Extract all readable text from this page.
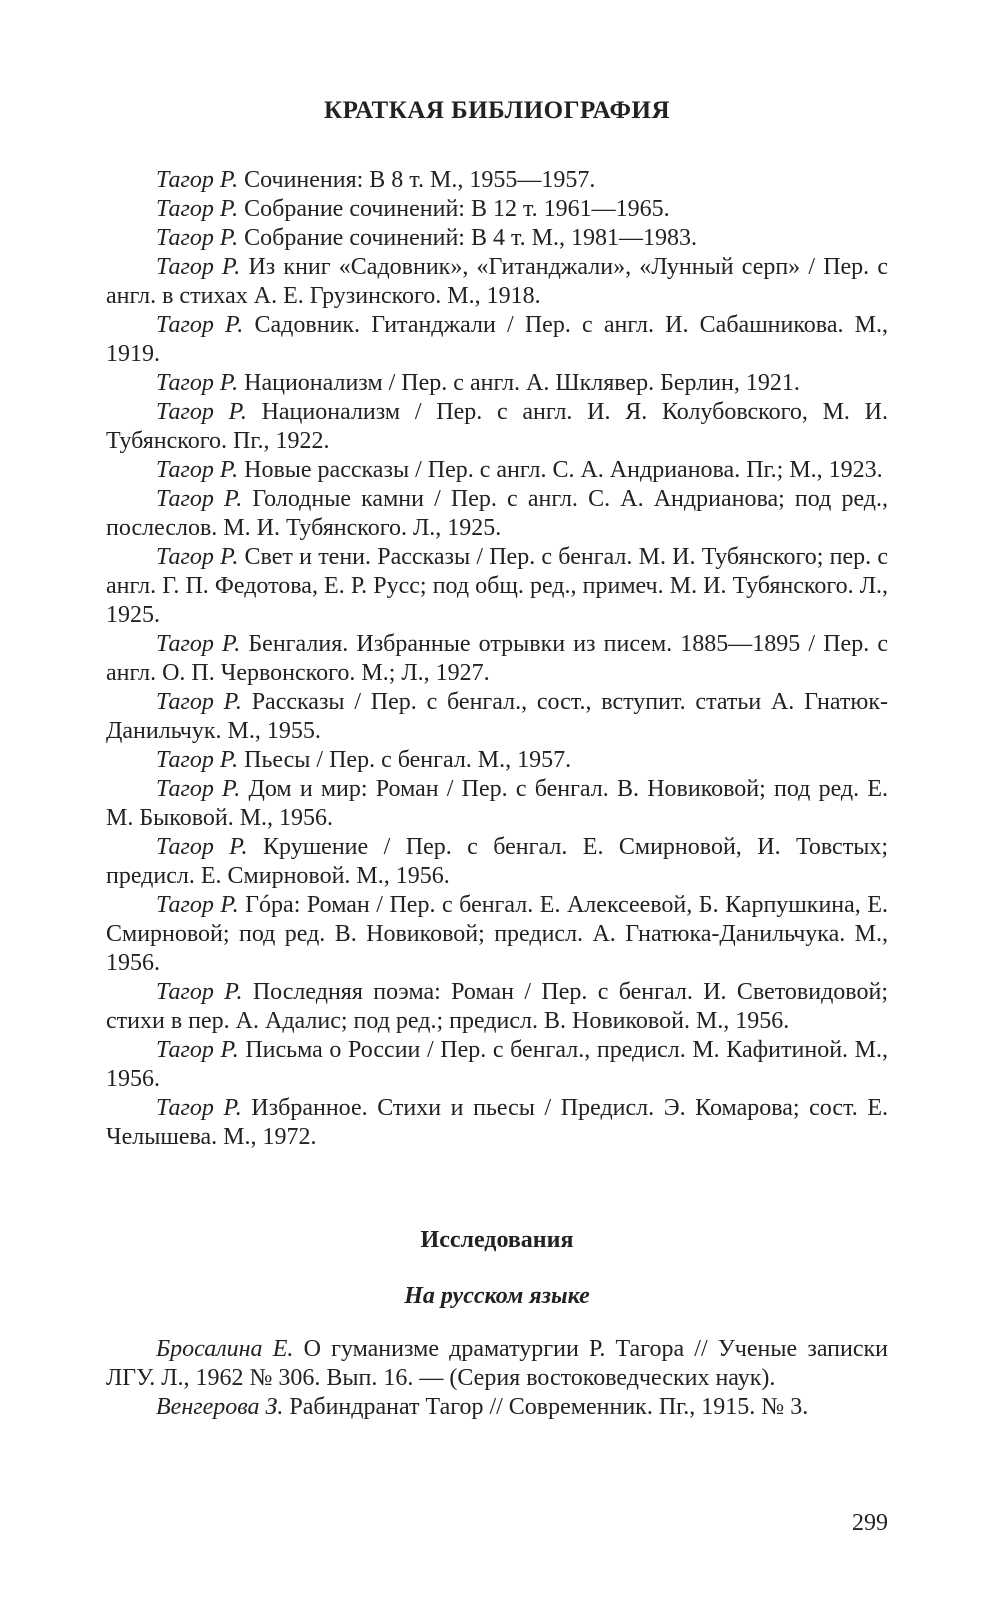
КРАТКАЯ БИБЛИОГРАФИЯ

Тагор Р. Сочинения: В 8 т. М., 1955—1957.

Тагор Р. Собрание сочинений: В 12 т. 1961—1965.

Тагор Р. Собрание сочинений: В 4 т. М., 1981—1983.

Тагор Р. Из книг «Садовник», «Гитанджали», «Лунный серп» / Пер. с англ. в стихах А. Е. Грузинского. М., 1918.

Тагор Р. Садовник. Гитанджали / Пер. с англ. И. Сабашникова. М., 1919.

Тагор Р. Национализм / Пер. с англ. А. Шклявер. Берлин, 1921.

Тагор Р. Национализм / Пер. с англ. И. Я. Колубовского, М. И. Тубянского. Пг., 1922.

Тагор Р. Новые рассказы / Пер. с англ. С. А. Андрианова. Пг.; М., 1923.

Тагор Р. Голодные камни / Пер. с англ. С. А. Андрианова; под ред., послеслов. М. И. Тубянского. Л., 1925.

Тагор Р. Свет и тени. Рассказы / Пер. с бенгал. М. И. Тубянского; пер. с англ. Г. П. Федотова, Е. Р. Русс; под общ. ред., примеч. М. И. Тубянского. Л., 1925.

Тагор Р. Бенгалия. Избранные отрывки из писем. 1885—1895 / Пер. с англ. О. П. Червонского. М.; Л., 1927.

Тагор Р. Рассказы / Пер. с бенгал., сост., вступит. статьи А. Гнатюк-Данильчук. М., 1955.

Тагор Р. Пьесы / Пер. с бенгал. М., 1957.

Тагор Р. Дом и мир: Роман / Пер. с бенгал. В. Новиковой; под ред. Е. М. Быковой. М., 1956.

Тагор Р. Крушение / Пер. с бенгал. Е. Смирновой, И. Товстых; предисл. Е. Смирновой. М., 1956.

Тагор Р. Гóра: Роман / Пер. с бенгал. Е. Алексеевой, Б. Карпушкина, Е. Смирновой; под ред. В. Новиковой; предисл. А. Гнатюка-Данильчука. М., 1956.

Тагор Р. Последняя поэма: Роман / Пер. с бенгал. И. Световидовой; стихи в пер. А. Адалис; под ред.; предисл. В. Новиковой. М., 1956.

Тагор Р. Письма о России / Пер. с бенгал., предисл. М. Кафитиной. М., 1956.

Тагор Р. Избранное. Стихи и пьесы / Предисл. Э. Комарова; сост. Е. Челышева. М., 1972.

Исследования
На русском языке

Бросалина Е. О гуманизме драматургии Р. Тагора // Ученые записки ЛГУ. Л., 1962 № 306. Вып. 16. — (Серия востоковедческих наук).

Венгерова З. Рабиндранат Тагор // Современник. Пг., 1915. № 3.

299
